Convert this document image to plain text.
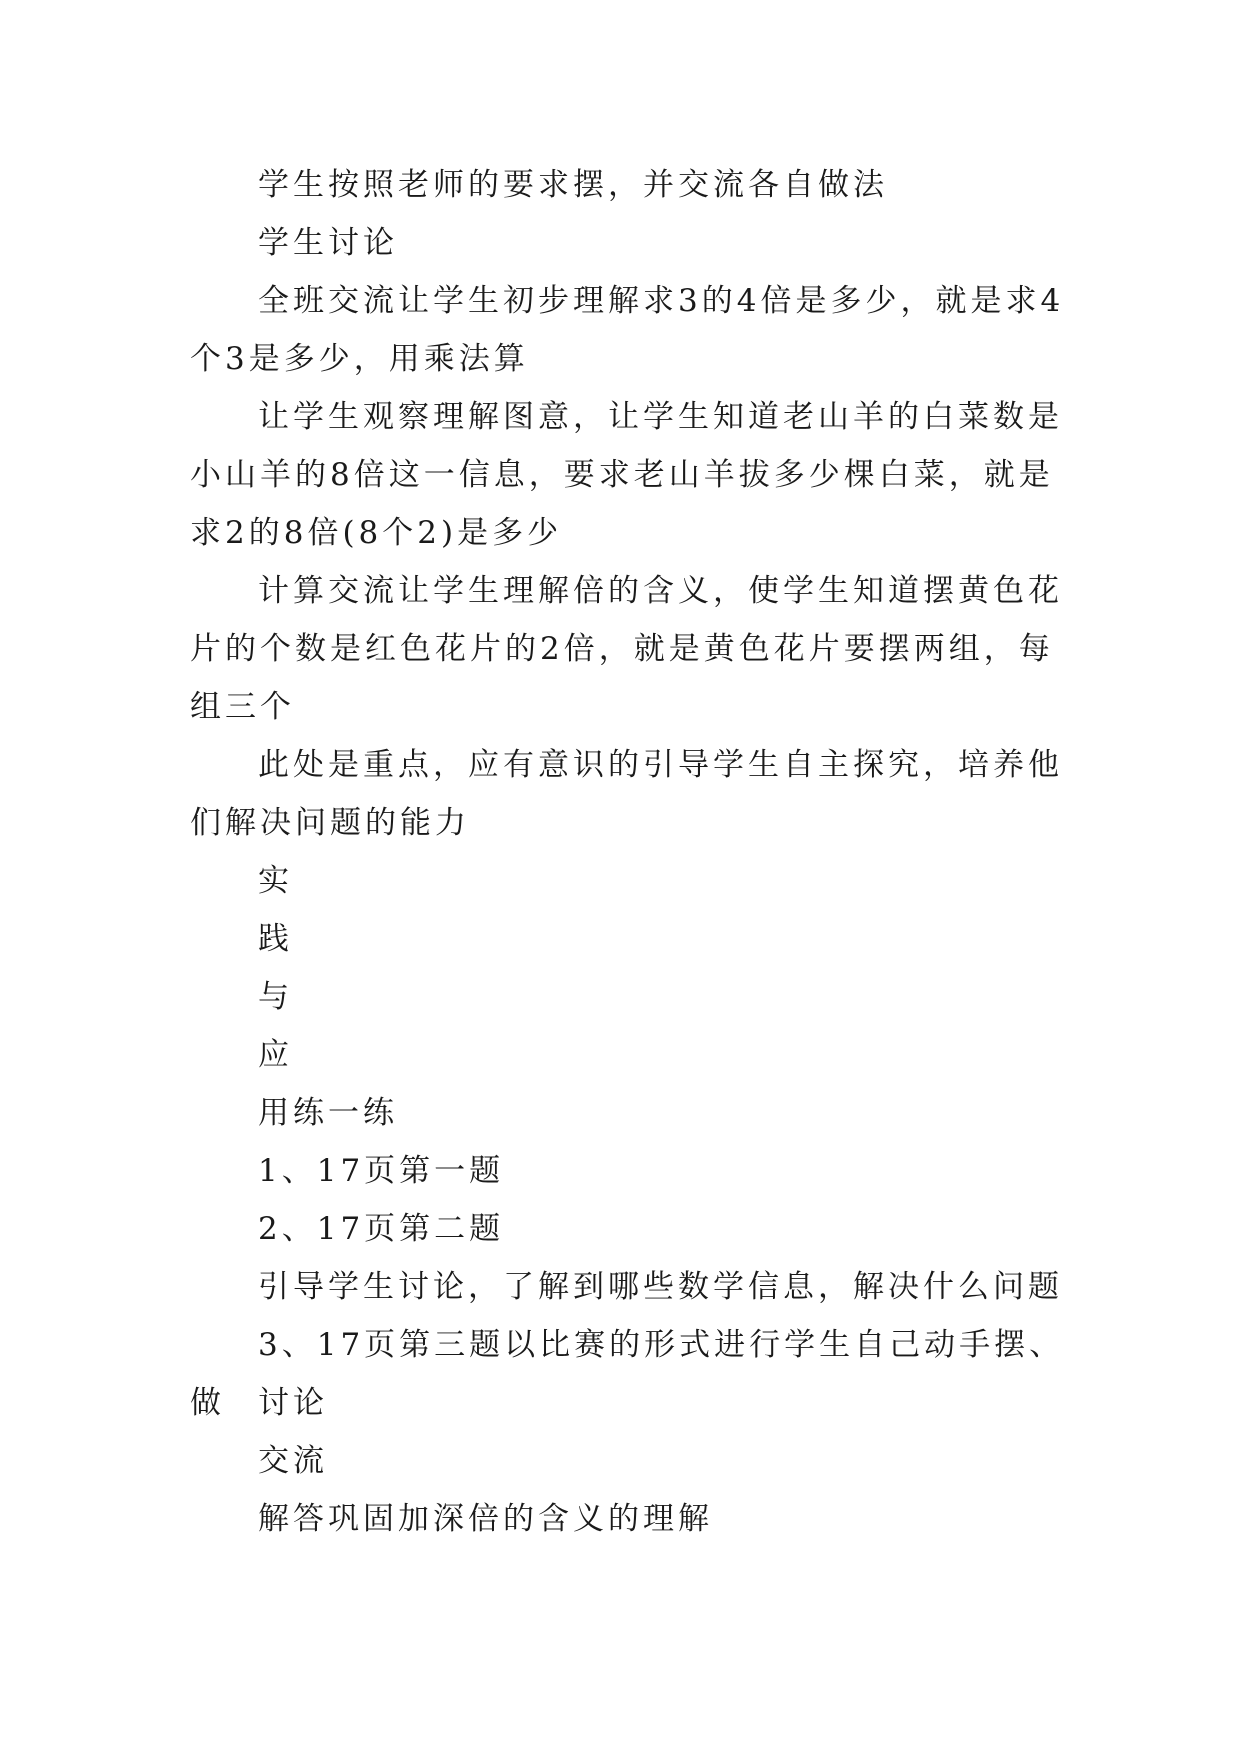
学生按照老师的要求摆，并交流各自做法

学生讨论

全班交流让学生初步理解求3的4倍是多少，就是求4个3是多少，用乘法算

让学生观察理解图意，让学生知道老山羊的白菜数是小山羊的8倍这一信息，要求老山羊拔多少棵白菜，就是求2的8倍(8个2)是多少

计算交流让学生理解倍的含义，使学生知道摆黄色花片的个数是红色花片的2倍，就是黄色花片要摆两组，每组三个

此处是重点，应有意识的引导学生自主探究，培养他们解决问题的能力

实

践

与

应

用练一练

1、17页第一题

2、17页第二题

引导学生讨论，了解到哪些数学信息，解决什么问题

3、17页第三题以比赛的形式进行学生自己动手摆、做	讨论

交流

解答巩固加深倍的含义的理解
